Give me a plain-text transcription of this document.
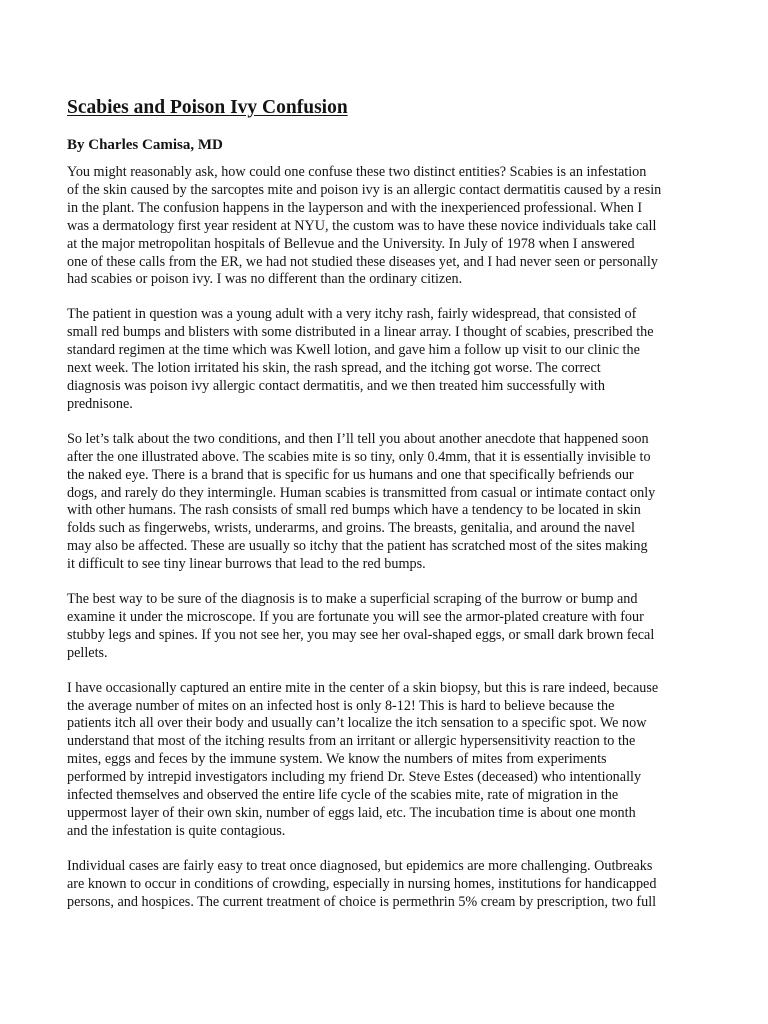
Scabies and Poison Ivy Confusion
By Charles Camisa, MD

You might reasonably ask, how could one confuse these two distinct entities? Scabies is an infestation
of the skin caused by the sarcoptes mite and poison ivy is an allergic contact dermatitis caused by a resin
in the plant. The confusion happens in the layperson and with the inexperienced professional. When I
was a dermatology first year resident at NYU, the custom was to have these novice individuals take call
at the major metropolitan hospitals of Bellevue and the University. In July of 1978 when I answered
one of these calls from the ER, we had not studied these diseases yet, and I had never seen or personally
had scabies or poison ivy. I was no different than the ordinary citizen.

The patient in question was a young adult with a very itchy rash, fairly widespread, that consisted of
small red bumps and blisters with some distributed in a linear array. I thought of scabies, prescribed the
standard regimen at the time which was Kwell lotion, and gave him a follow up visit to our clinic the
next week. The lotion irritated his skin, the rash spread, and the itching got worse. The correct
diagnosis was poison ivy allergic contact dermatitis, and we then treated him successfully with
prednisone.

So let’s talk about the two conditions, and then I’ll tell you about another anecdote that happened soon
after the one illustrated above. The scabies mite is so tiny, only 0.4mm, that it is essentially invisible to
the naked eye. There is a brand that is specific for us humans and one that specifically befriends our
dogs, and rarely do they intermingle. Human scabies is transmitted from casual or intimate contact only
with other humans. The rash consists of small red bumps which have a tendency to be located in skin
folds such as fingerwebs, wrists, underarms, and groins. The breasts, genitalia, and around the navel
may also be affected. These are usually so itchy that the patient has scratched most of the sites making
it difficult to see tiny linear burrows that lead to the red bumps.

The best way to be sure of the diagnosis is to make a superficial scraping of the burrow or bump and
examine it under the microscope. If you are fortunate you will see the armor-plated creature with four
stubby legs and spines. If you not see her, you may see her oval-shaped eggs, or small dark brown fecal
pellets.

I have occasionally captured an entire mite in the center of a skin biopsy, but this is rare indeed, because
the average number of mites on an infected host is only 8-12! This is hard to believe because the
patients itch all over their body and usually can’t localize the itch sensation to a specific spot. We now
understand that most of the itching results from an irritant or allergic hypersensitivity reaction to the
mites, eggs and feces by the immune system. We know the numbers of mites from experiments
performed by intrepid investigators including my friend Dr. Steve Estes (deceased) who intentionally
infected themselves and observed the entire life cycle of the scabies mite, rate of migration in the
uppermost layer of their own skin, number of eggs laid, etc. The incubation time is about one month
and the infestation is quite contagious.

Individual cases are fairly easy to treat once diagnosed, but epidemics are more challenging. Outbreaks
are known to occur in conditions of crowding, especially in nursing homes, institutions for handicapped
persons, and hospices. The current treatment of choice is permethrin 5% cream by prescription, two full
